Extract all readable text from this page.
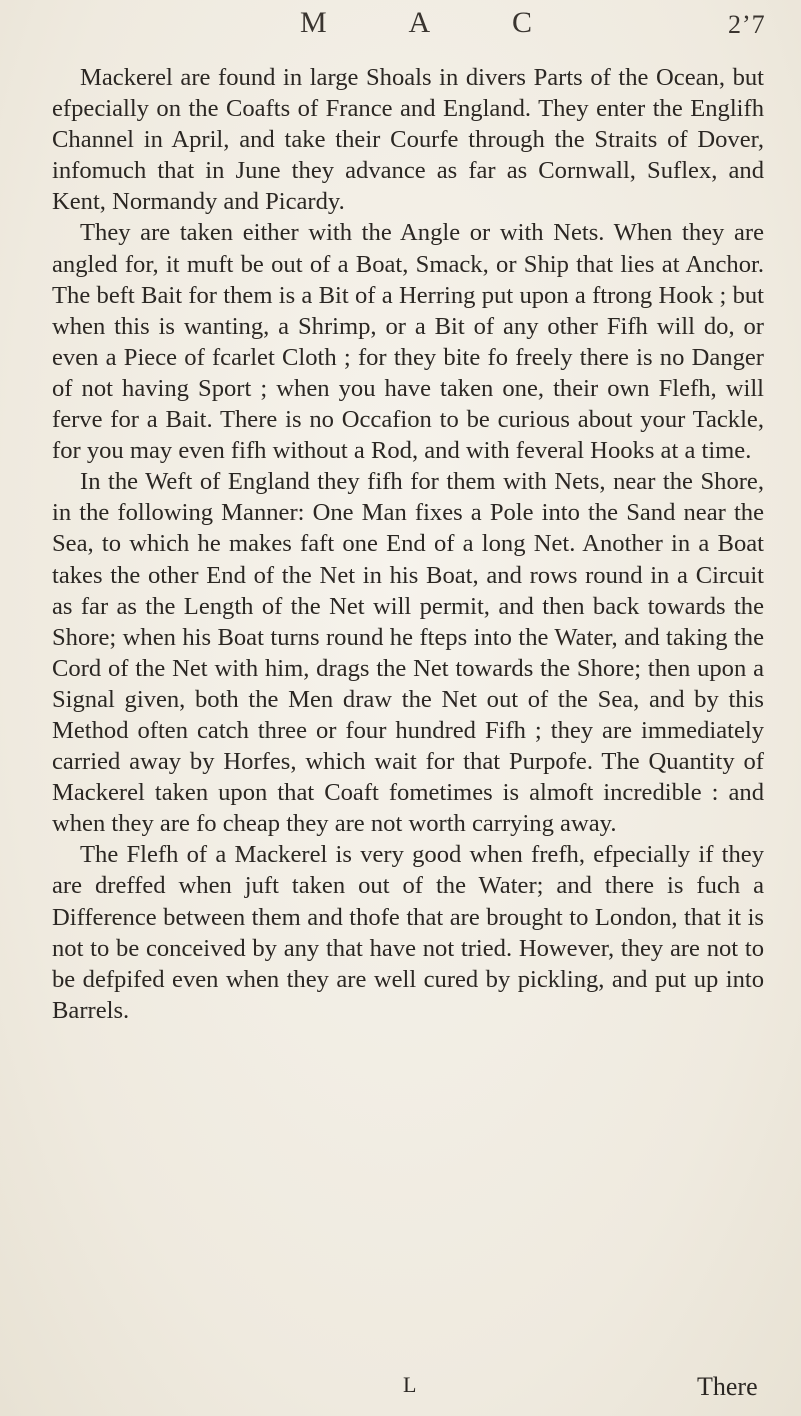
M A C	2’7

Mackerel are found in large Shoals in divers Parts of the Ocean, but efpecially on the Coafts of France and England. They enter the Englifh Channel in April, and take their Courfe through the Straits of Dover, infomuch that in June they advance as far as Cornwall, Suflex, and Kent, Normandy and Picardy.

They are taken either with the Angle or with Nets. When they are angled for, it muft be out of a Boat, Smack, or Ship that lies at Anchor. The beft Bait for them is a Bit of a Herring put upon a ftrong Hook ; but when this is wanting, a Shrimp, or a Bit of any other Fifh will do, or even a Piece of fcarlet Cloth ; for they bite fo freely there is no Danger of not having Sport ; when you have taken one, their own Flefh, will ferve for a Bait. There is no Occafion to be curious about your Tackle, for you may even fifh without a Rod, and with feveral Hooks at a time.

In the Weft of England they fifh for them with Nets, near the Shore, in the following Manner: One Man fixes a Pole into the Sand near the Sea, to which he makes faft one End of a long Net. Another in a Boat takes the other End of the Net in his Boat, and rows round in a Circuit as far as the Length of the Net will permit, and then back towards the Shore; when his Boat turns round he fteps into the Water, and taking the Cord of the Net with him, drags the Net towards the Shore; then upon a Signal given, both the Men draw the Net out of the Sea, and by this Method often catch three or four hundred Fifh ; they are immediately carried away by Horfes, which wait for that Purpofe. The Quantity of Mackerel taken upon that Coaft fometimes is almoft incredible : and when they are fo cheap they are not worth carrying away.

The Flefh of a Mackerel is very good when frefh, efpecially if they are dreffed when juft taken out of the Water; and there is fuch a Difference between them and thofe that are brought to London, that it is not to be conceived by any that have not tried. However, they are not to be defpifed even when they are well cured by pickling, and put up into Barrels.

L	There
